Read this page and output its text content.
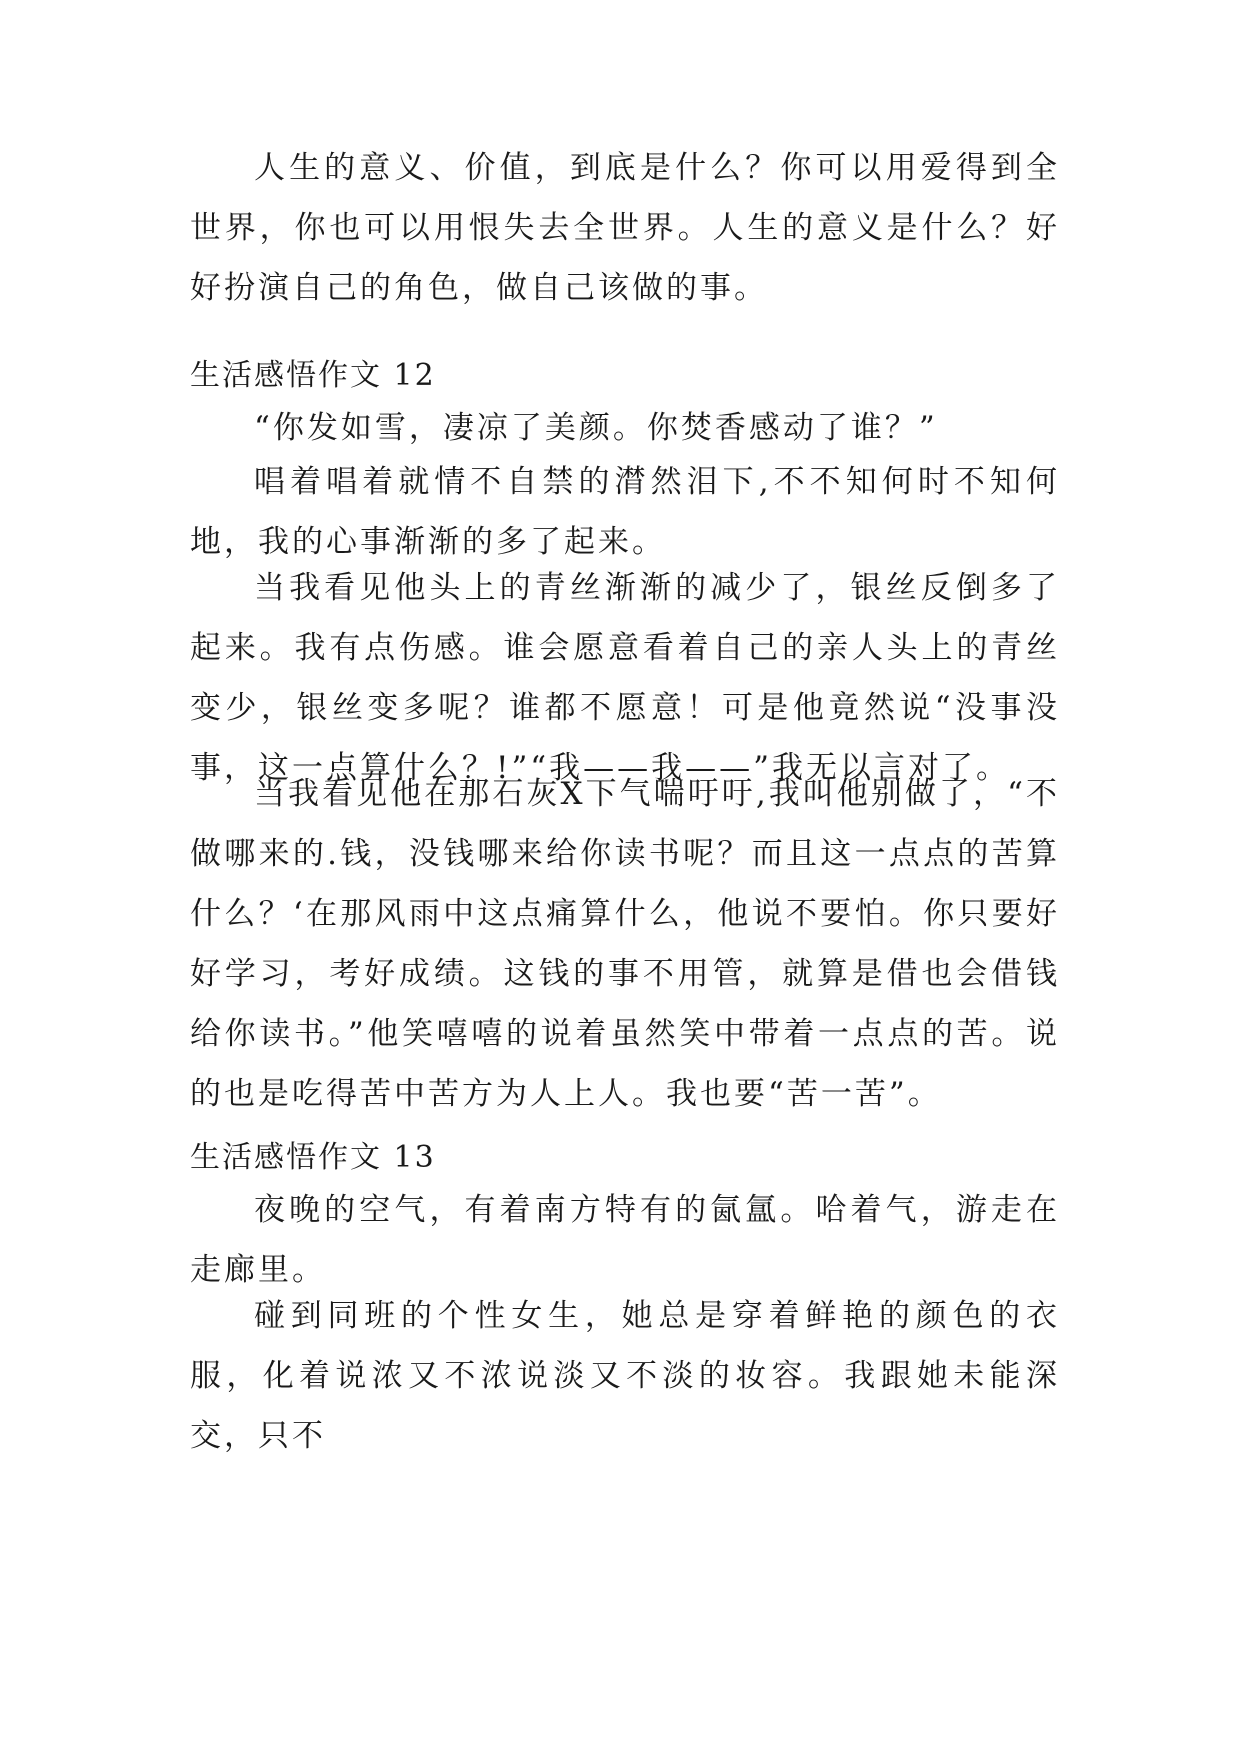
人生的意义、价值，到底是什么？你可以用爱得到全世界，你也可以用恨失去全世界。人生的意义是什么？好好扮演自己的角色，做自己该做的事。

生活感悟作文 12

“你发如雪，凄凉了美颜。你焚香感动了谁？”

唱着唱着就情不自禁的潸然泪下,不不知何时不知何地，我的心事渐渐的多了起来。

当我看见他头上的青丝渐渐的减少了，银丝反倒多了起来。我有点伤感。谁会愿意看着自己的亲人头上的青丝变少，银丝变多呢？谁都不愿意！可是他竟然说“没事没事，这一点算什么？!”“我——我——”我无以言对了。

当我看见他在那石灰X下气喘吁吁,我叫他别做了，“不做哪来的.钱，没钱哪来给你读书呢？而且这一点点的苦算什么？‘在那风雨中这点痛算什么，他说不要怕。你只要好好学习，考好成绩。这钱的事不用管，就算是借也会借钱给你读书。”他笑嘻嘻的说着虽然笑中带着一点点的苦。说的也是吃得苦中苦方为人上人。我也要“苦一苦”。

生活感悟作文 13

夜晚的空气，有着南方特有的氤氲。哈着气，游走在走廊里。

碰到同班的个性女生，她总是穿着鲜艳的颜色的衣服，化着说浓又不浓说淡又不淡的妆容。我跟她未能深交，只不
